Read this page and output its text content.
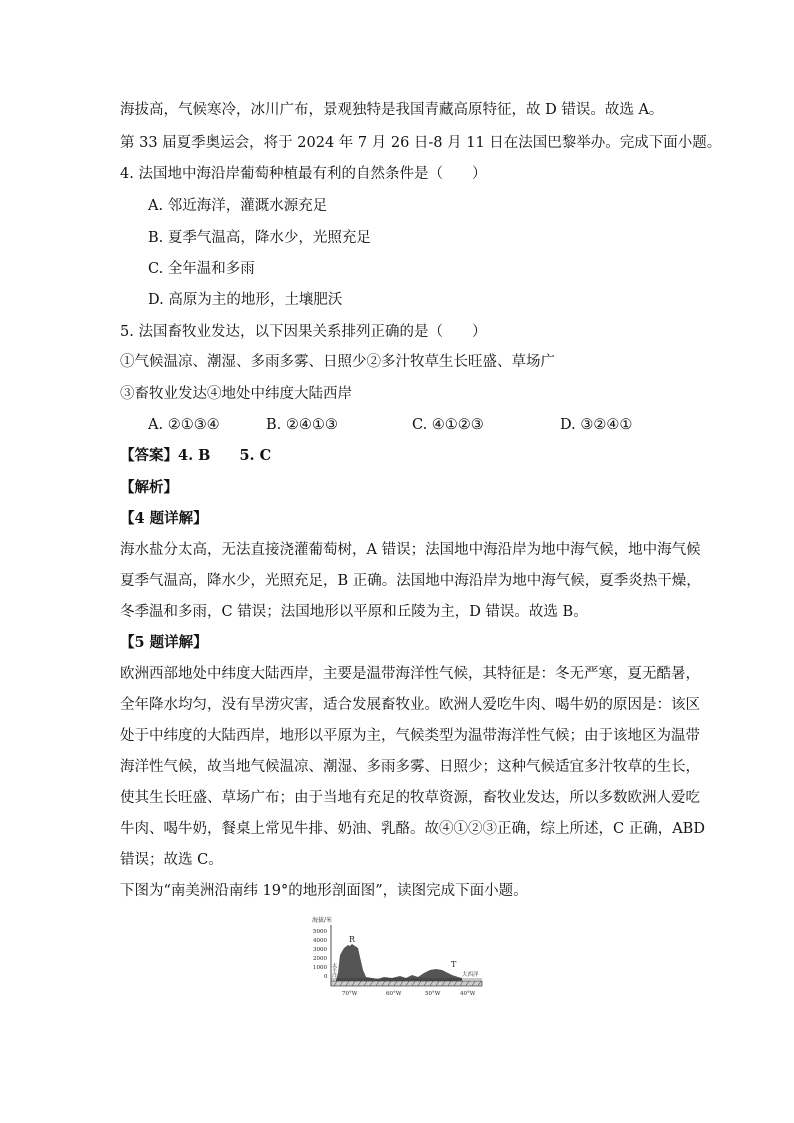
海拔高，气候寒冷，冰川广布，景观独特是我国青藏高原特征，故 D 错误。故选 A。
第 33 届夏季奥运会，将于 2024 年 7 月 26 日-8 月 11 日在法国巴黎举办。完成下面小题。
4. 法国地中海沿岸葡萄种植最有利的自然条件是（　　）
A. 邻近海洋，灌溉水源充足
B. 夏季气温高，降水少，光照充足
C. 全年温和多雨
D. 高原为主的地形，土壤肥沃
5. 法国畜牧业发达，以下因果关系排列正确的是（　　）
①气候温凉、潮湿、多雨多雾、日照少②多汁牧草生长旺盛、草场广
③畜牧业发达④地处中纬度大陆西岸
A. ②①③④	B. ②④①③	C. ④①②③	D. ③②④①
【答案】4. B　　5. C
【解析】
【4 题详解】
海水盐分太高，无法直接浇灌葡萄树，A 错误；法国地中海沿岸为地中海气候，地中海气候
夏季气温高，降水少，光照充足，B 正确。法国地中海沿岸为地中海气候，夏季炎热干燥，
冬季温和多雨，C 错误；法国地形以平原和丘陵为主，D 错误。故选 B。
【5 题详解】
欧洲西部地处中纬度大陆西岸，主要是温带海洋性气候，其特征是：冬无严寒，夏无酷暑，
全年降水均匀，没有旱涝灾害，适合发展畜牧业。欧洲人爱吃牛肉、喝牛奶的原因是：该区
处于中纬度的大陆西岸，地形以平原为主，气候类型为温带海洋性气候；由于该地区为温带
海洋性气候，故当地气候温凉、潮湿、多雨多雾、日照少；这种气候适宜多汁牧草的生长，
使其生长旺盛、草场广布；由于当地有充足的牧草资源，畜牧业发达，所以多数欧洲人爱吃
牛肉、喝牛奶，餐桌上常见牛排、奶油、乳酪。故④①②③正确，综上所述，C 正确，ABD
错误；故选 C。
下图为“南美洲沿南纬 19°的地形剖面图”，读图完成下面小题。
海拔/米
5000
4000
3000
2000
1000
0
R
T
太
平
洋	大西洋
70°W	60°W	50°W	40°W
